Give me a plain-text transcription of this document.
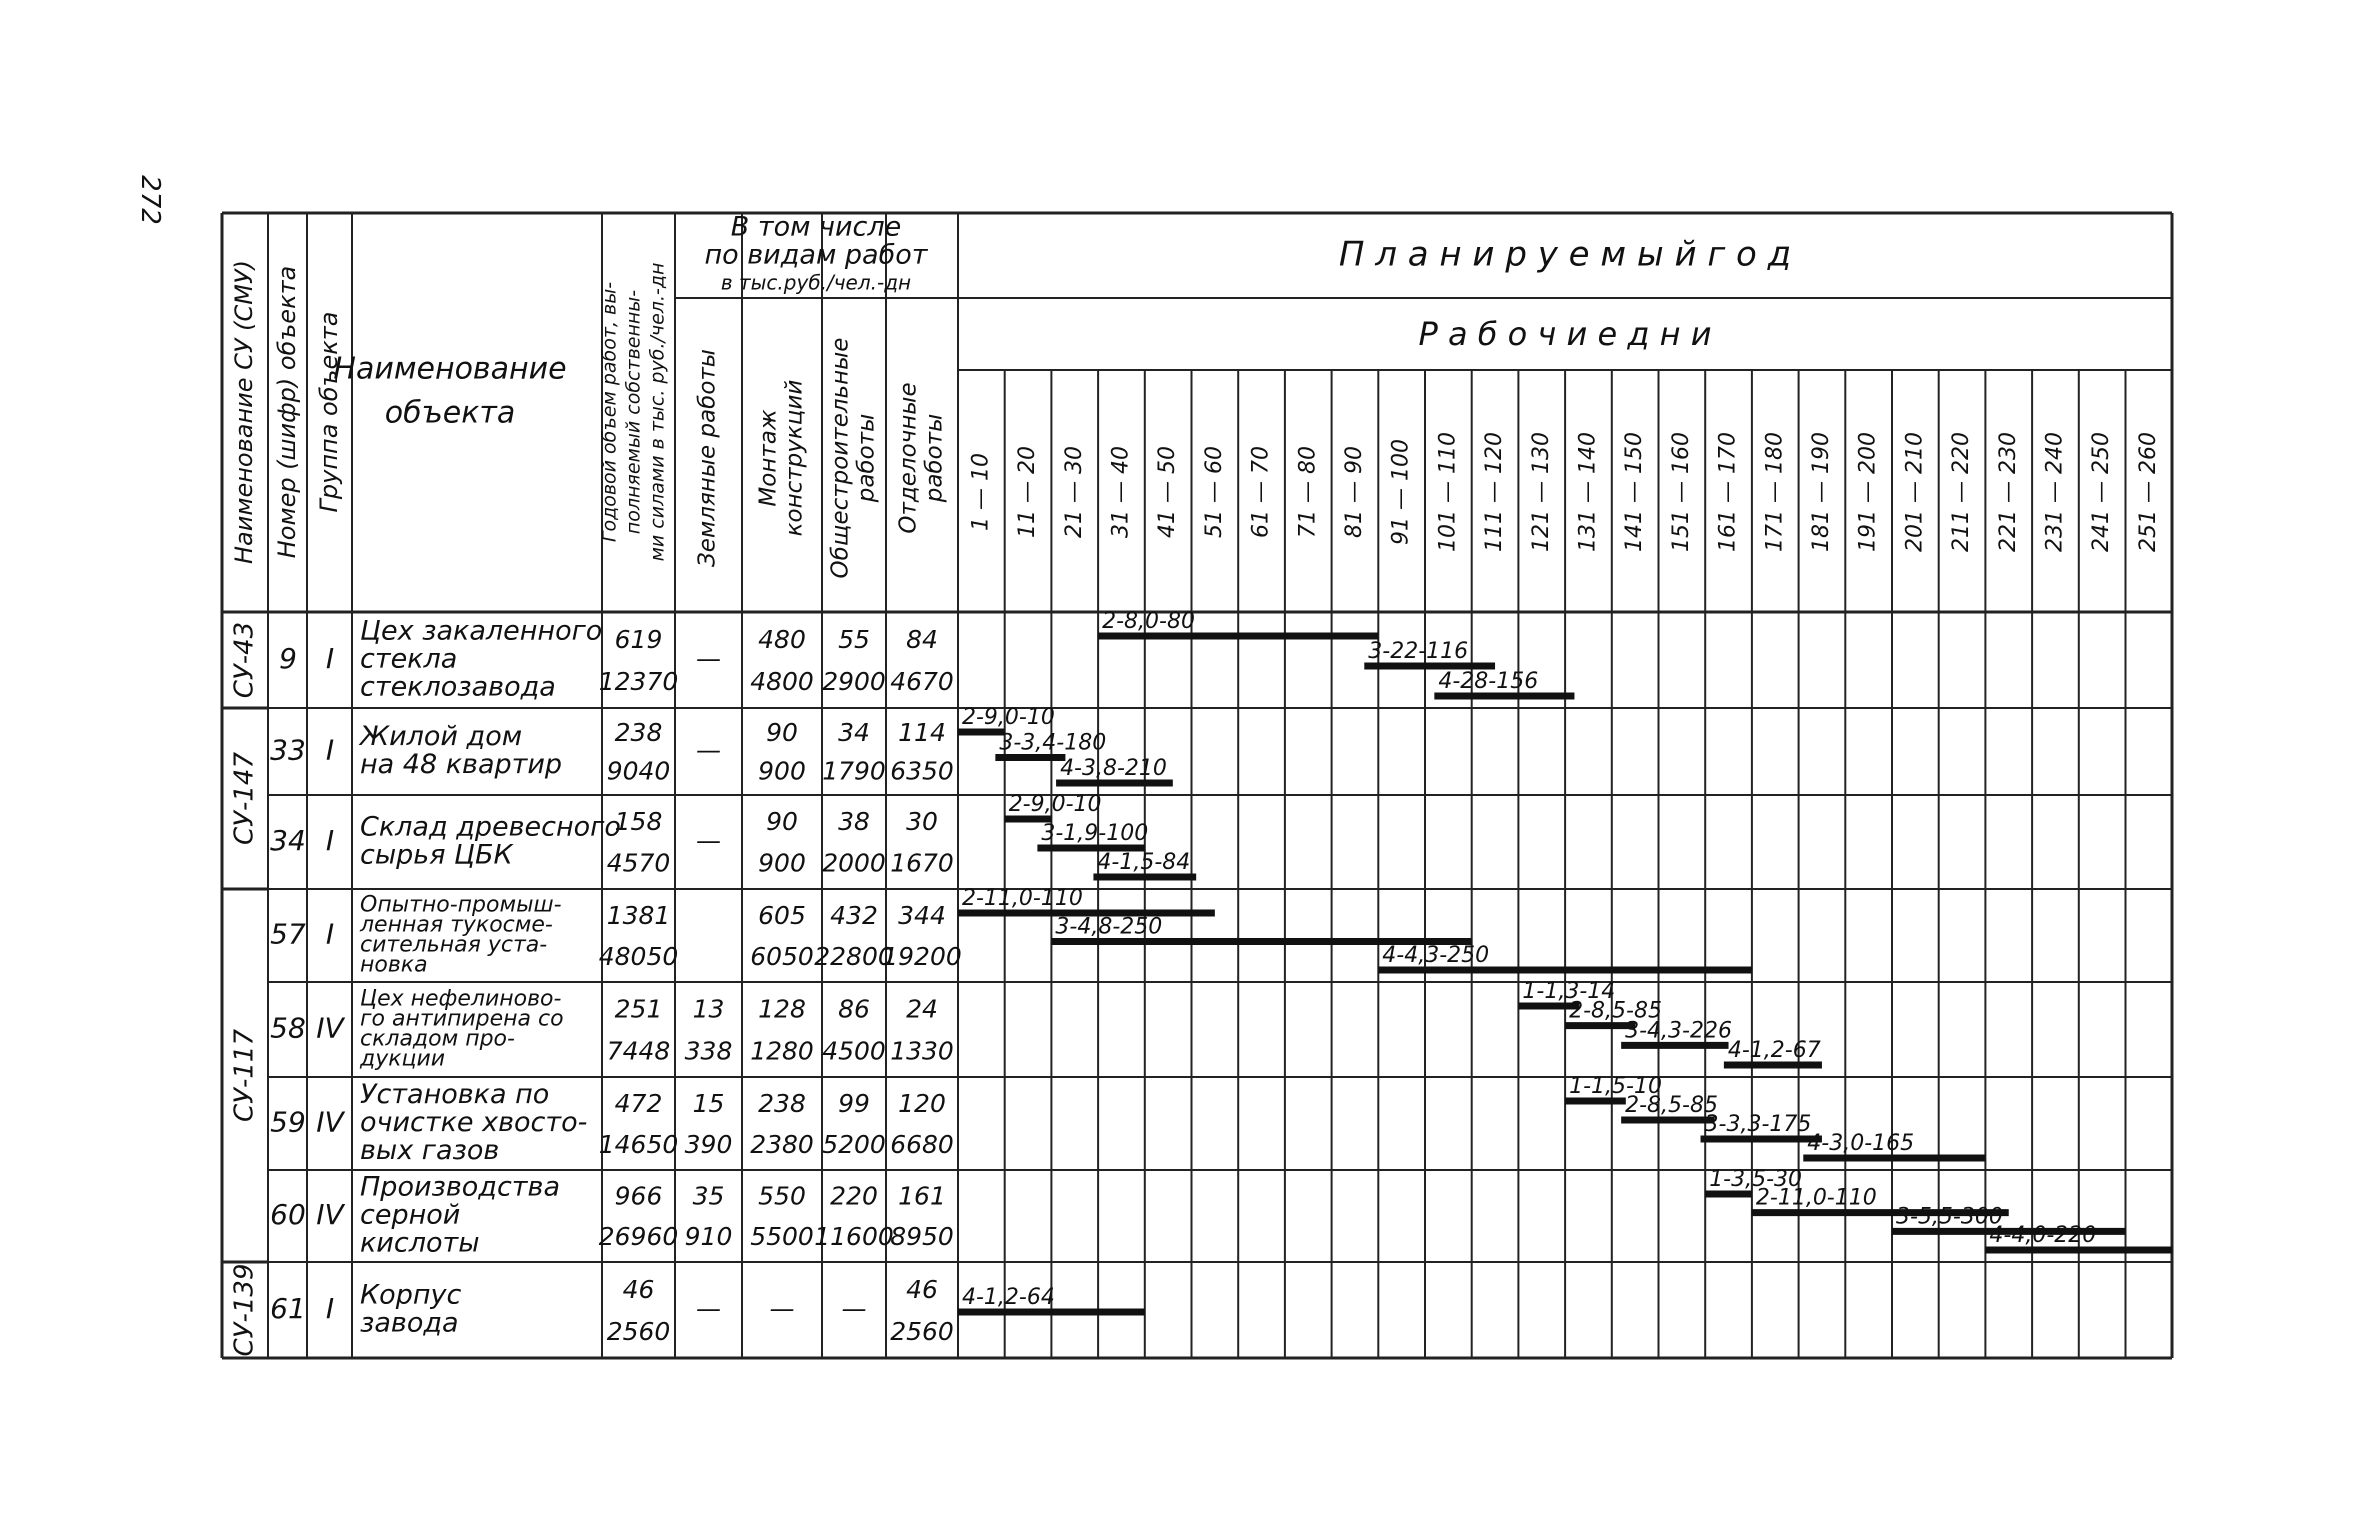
272
Наименование СУ (СМУ) Номер (шифр) объекта Группа объекта
Наименование
объекта	Годовой объем работ, вы- полняемый собственны- ми силами в тыс. руб./чел.-дн
В том числе
по видам работ
в тыс.руб./чел.-дн
Земляные работы Монтаж конструкций Общестроительные работы Отделочные работы
П л а н и р у е м ы й г о д
Р а б о ч и е д н и
1 — 10 11 — 20 21 — 30 31 — 40 41 — 50 51 — 60 61 — 70 71 — 80 81 — 90 91 — 100 101 — 110 111 — 120 121 — 130 131 — 140 141 — 150 151 — 160 161 — 170 171 — 180 181 — 190 191 — 200 201 — 210 211 — 220 221 — 230 231 — 240 241 — 250 251 — 260
СУ-43
СУ-147
СУ-117
СУ-139
9 I
Цех закаленного
стекла
стеклозавода
619
12370
—
480
4800
55
2900
84
4670
33 I Жилой дом
на 48 квартир
238
9040
—
90
900
34
1790
114
6350
34 I Склад древесного
сырья ЦБК
158
4570
—
90
900
38
2000
30
1670
57 I
Опытно-промыш-
ленная тукосме-
сительная уста-
новка
1381
48050
605
6050
432
22800
344
19200
58 IV
Цех нефелиново-
го антипирена со
складом про-
дукции
251
7448
13
338
128
1280
86
4500
24
1330
59 IV
Установка по
очистке хвосто-
вых газов
472
14650
15
390
238
2380
99
5200
120
6680
60 IV
Производства
серной
кислоты
966
26960
35
910
550
5500
220
11600
161
8950
61 I Корпус
завода
46
2560
— — —
46
2560
2-8,0-80
3-22-116
4-28-156
2-9,0-10
3-3,4-180
4-3,8-210
2-9,0-10
3-1,9-100
4-1,5-84
2-11,0-110
3-4,8-250
4-4,3-250
1-1,3-14
2-8,5-85
3-4,3-226
4-1,2-67
1-1,5-10
2-8,5-85
3-3,3-175
4-3,0-165
1-3,5-30
2-11,0-110
3-5,5-300
4-4,0-220
4-1,2-64
